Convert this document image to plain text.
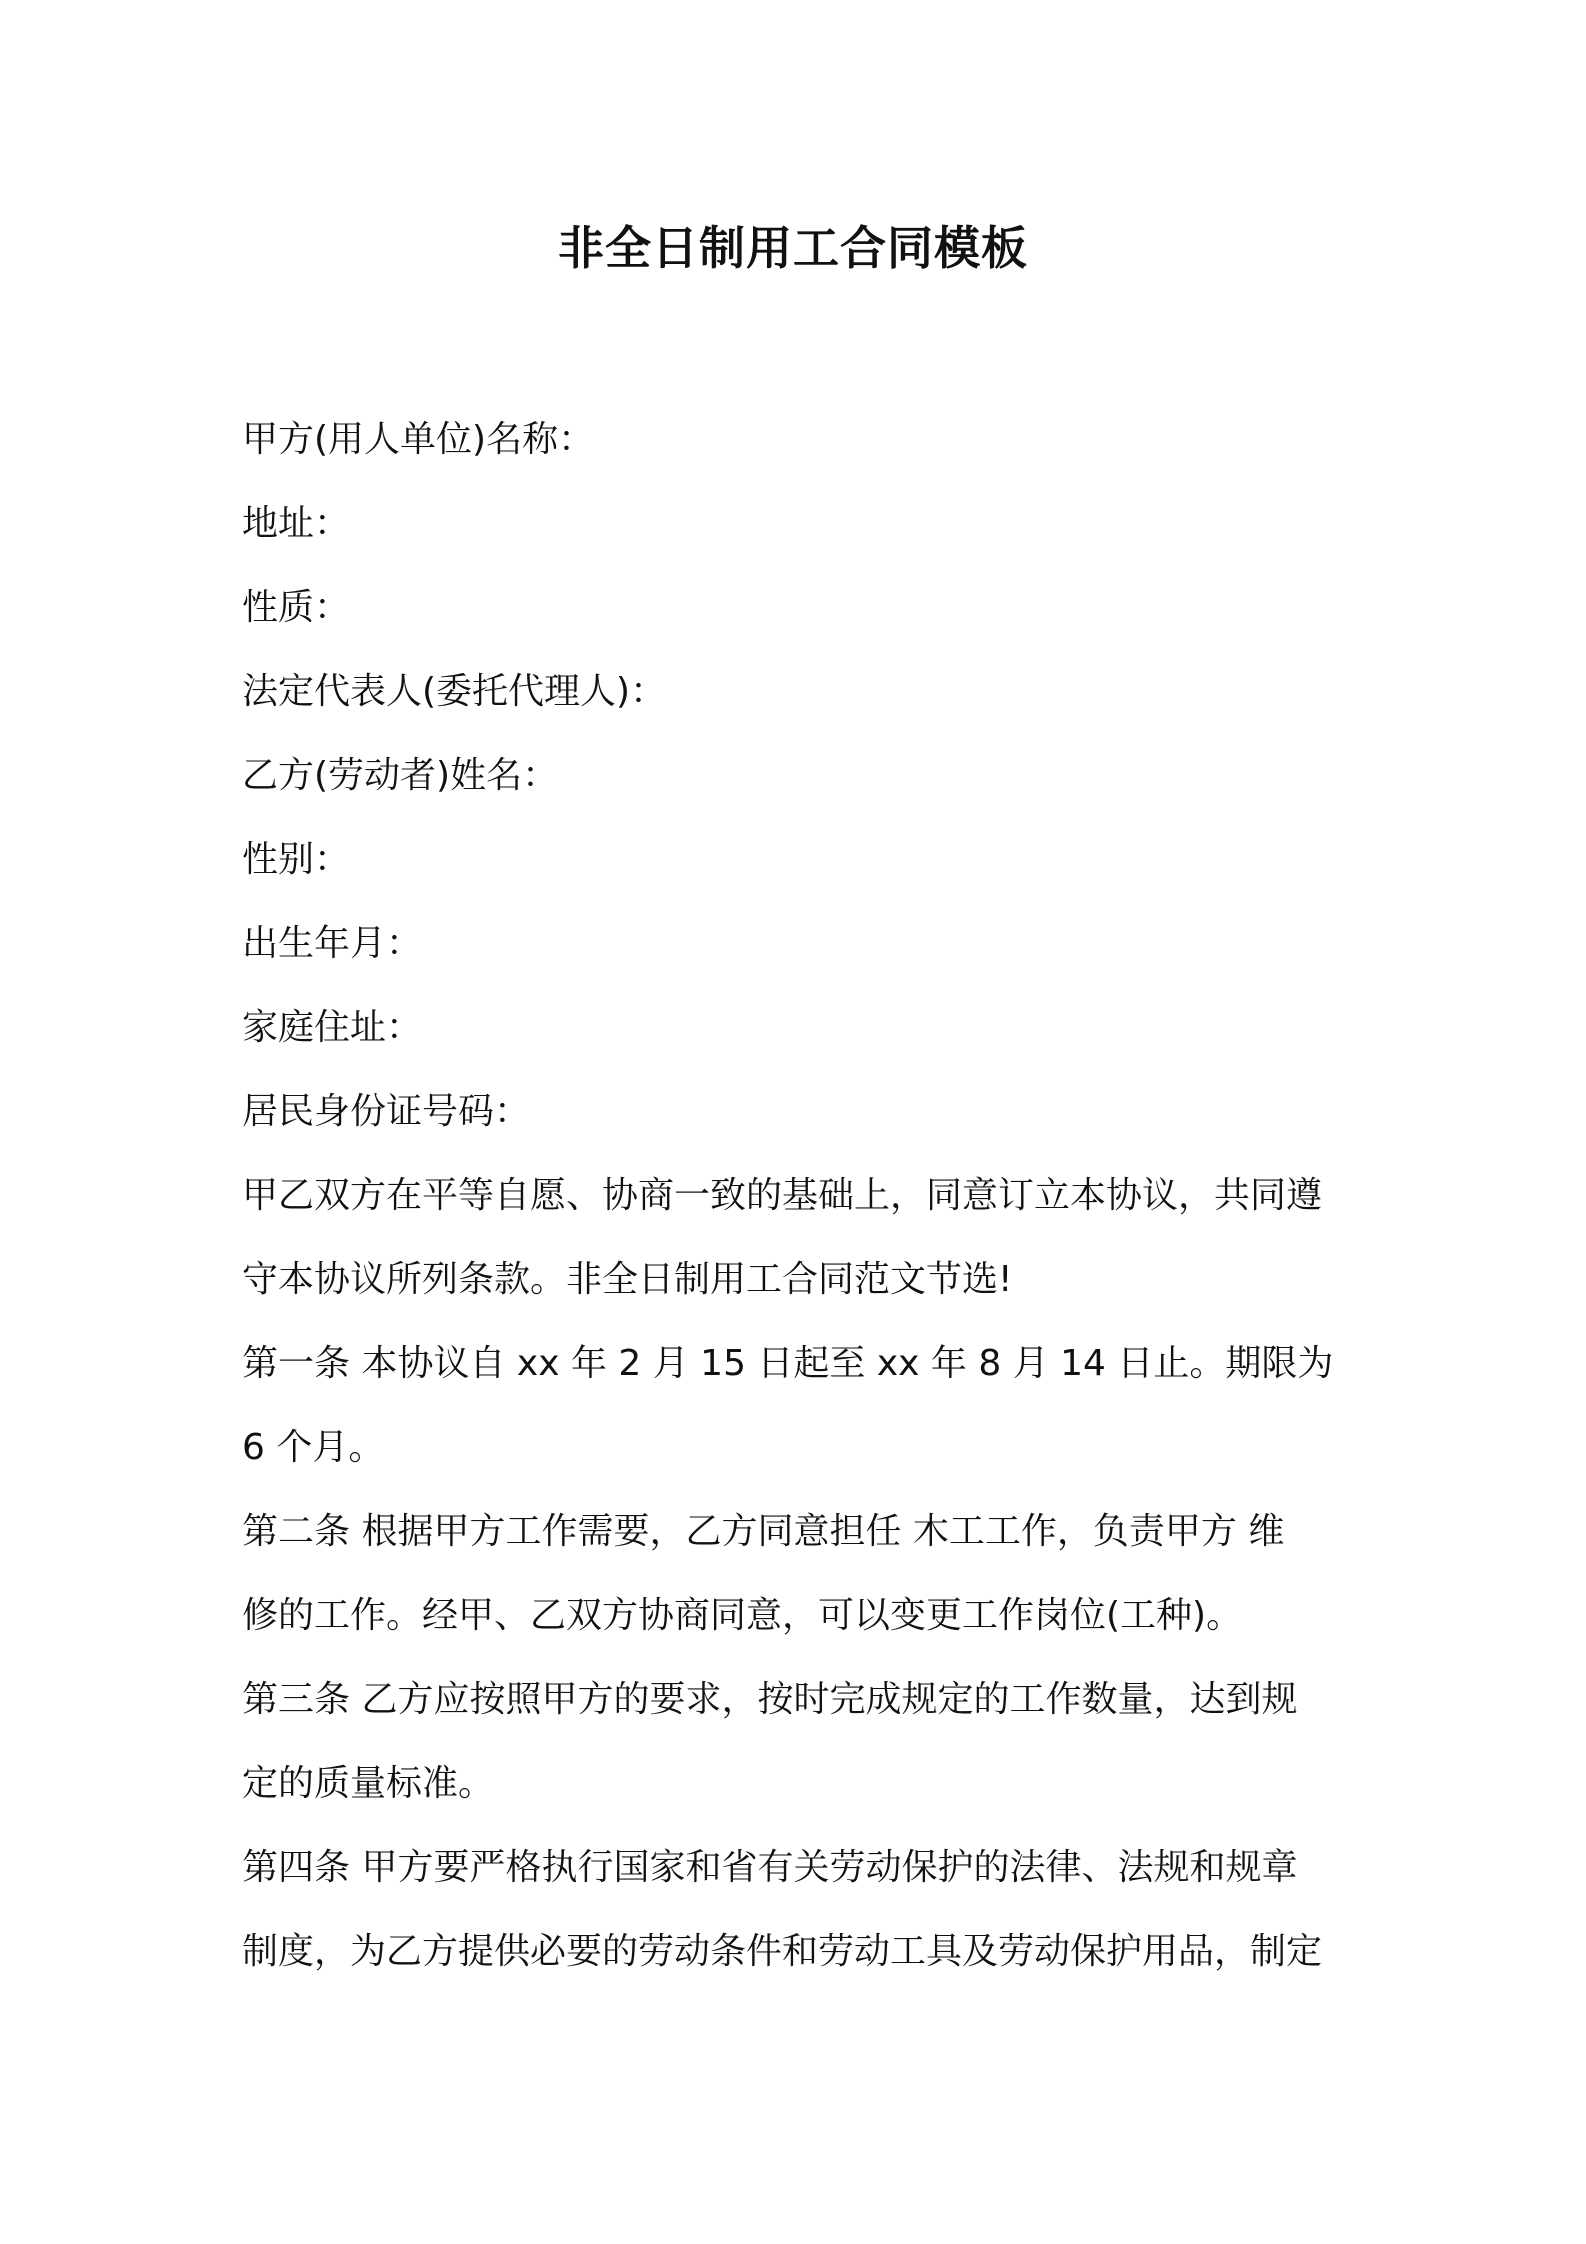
非全日制用工合同模板
甲方(用人单位)名称：
地址：
性质：
法定代表人(委托代理人)：
乙方(劳动者)姓名：
性别：
出生年月：
家庭住址：
居民身份证号码：
甲乙双方在平等自愿、协商一致的基础上，同意订立本协议，共同遵
守本协议所列条款。非全日制用工合同范文节选!
第一条 本协议自 xx 年 2 月 15 日起至 xx 年 8 月 14 日止。期限为
6 个月。
第二条 根据甲方工作需要，乙方同意担任 木工工作，负责甲方 维
修的工作。经甲、乙双方协商同意，可以变更工作岗位(工种)。
第三条 乙方应按照甲方的要求，按时完成规定的工作数量，达到规
定的质量标准。
第四条 甲方要严格执行国家和省有关劳动保护的法律、法规和规章
制度，为乙方提供必要的劳动条件和劳动工具及劳动保护用品，制定
